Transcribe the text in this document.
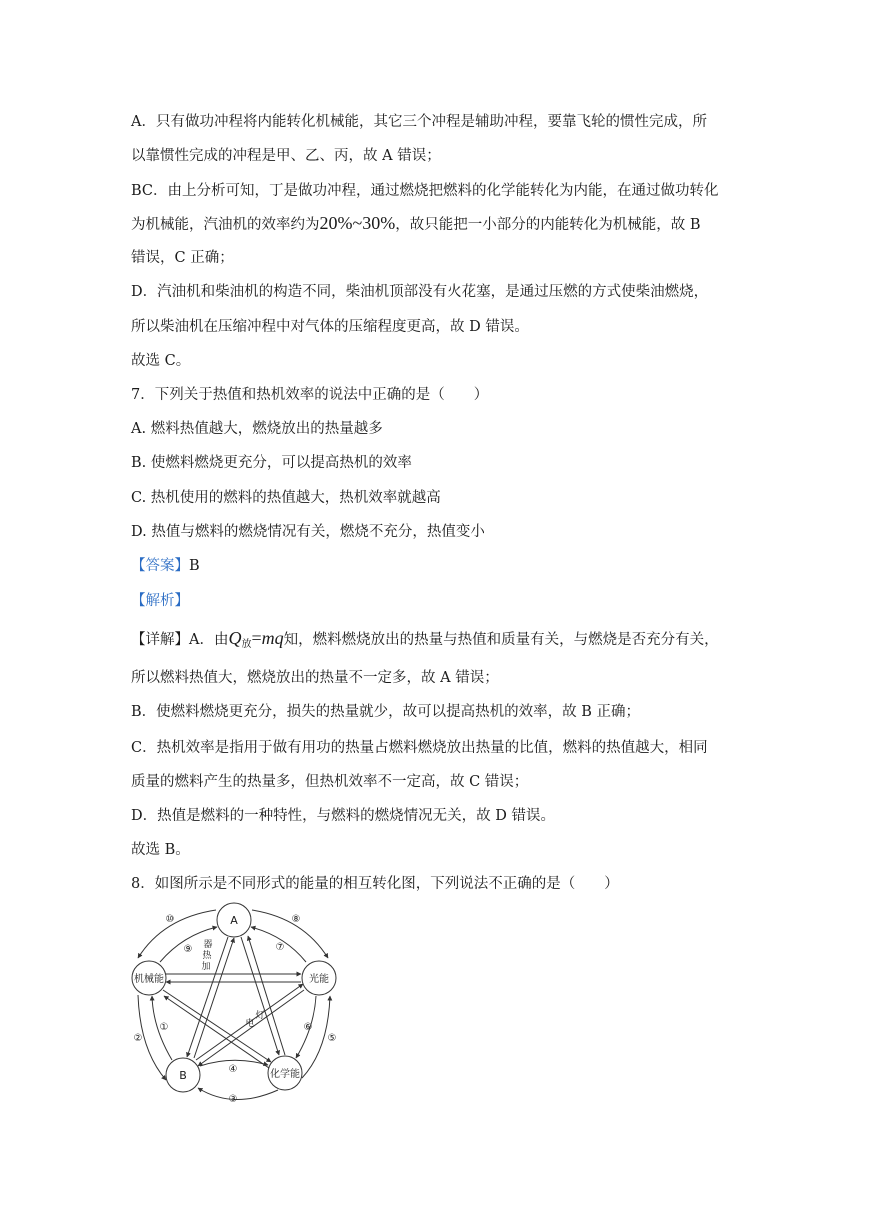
A．只有做功冲程将内能转化机械能，其它三个冲程是辅助冲程，要靠飞轮的惯性完成，所
以靠惯性完成的冲程是甲、乙、丙，故 A 错误；
BC．由上分析可知，丁是做功冲程，通过燃烧把燃料的化学能转化为内能，在通过做功转化
为机械能，汽油机的效率约为20%~30%，故只能把一小部分的内能转化为机械能，故 B
错误，C 正确；
D．汽油机和柴油机的构造不同，柴油机顶部没有火花塞，是通过压燃的方式使柴油燃烧，
所以柴油机在压缩冲程中对气体的压缩程度更高，故 D 错误。
故选 C。
7．下列关于热值和热机效率的说法中正确的是（　　）
A. 燃料热值越大，燃烧放出的热量越多
B. 使燃料燃烧更充分，可以提高热机的效率
C. 热机使用的燃料的热值越大，热机效率就越高
D. 热值与燃料的燃烧情况有关，燃烧不充分，热值变小
【答案】B
【解析】
【详解】A．由$Q_放=mq$知，燃料燃烧放出的热量与热值和质量有关，与燃烧是否充分有关，
所以燃料热值大，燃烧放出的热量不一定多，故 A 错误；
B．使燃料燃烧更充分，损失的热量就少，故可以提高热机的效率，故 B 正确；
C．热机效率是指用于做有用功的热量占燃料燃烧放出热量的比值，燃料的热值越大，相同
质量的燃料产生的热量多，但热机效率不一定高，故 C 错误；
D．热值是燃料的一种特性，与燃料的燃烧情况无关，故 D 错误。
故选 B。
8．如图所示是不同形式的能量的相互转化图，下列说法不正确的是（　　）
A
机械能	光能
B	化学能
器
热
加
灯
电
⑩
⑨
⑧
⑦
②
①	⑥
⑤
④
③
